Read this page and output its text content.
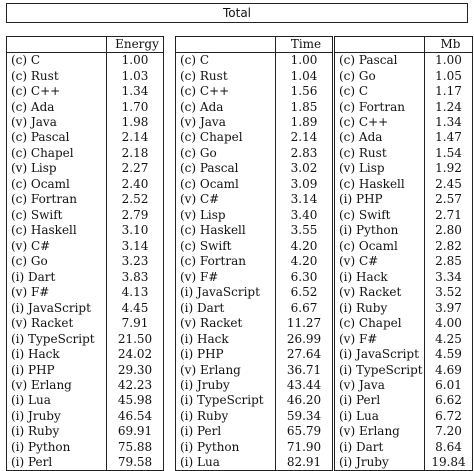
Total
	Energy
(c) C	1.00
(c) Rust	1.03
(c) C++	1.34
(c) Ada	1.70
(v) Java	1.98
(c) Pascal	2.14
(c) Chapel	2.18
(v) Lisp	2.27
(c) Ocaml	2.40
(c) Fortran	2.52
(c) Swift	2.79
(c) Haskell	3.10
(v) C#	3.14
(c) Go	3.23
(i) Dart	3.83
(v) F#	4.13
(i) JavaScript	4.45
(v) Racket	7.91
(i) TypeScript	21.50
(i) Hack	24.02
(i) PHP	29.30
(v) Erlang	42.23
(i) Lua	45.98
(i) Jruby	46.54
(i) Ruby	69.91
(i) Python	75.88
(i) Perl	79.58
	Time
(c) C	1.00
(c) Rust	1.04
(c) C++	1.56
(c) Ada	1.85
(v) Java	1.89
(c) Chapel	2.14
(c) Go	2.83
(c) Pascal	3.02
(c) Ocaml	3.09
(v) C#	3.14
(v) Lisp	3.40
(c) Haskell	3.55
(c) Swift	4.20
(c) Fortran	4.20
(v) F#	6.30
(i) JavaScript	6.52
(i) Dart	6.67
(v) Racket	11.27
(i) Hack	26.99
(i) PHP	27.64
(v) Erlang	36.71
(i) Jruby	43.44
(i) TypeScript	46.20
(i) Ruby	59.34
(i) Perl	65.79
(i) Python	71.90
(i) Lua	82.91
	Mb
(c) Pascal	1.00
(c) Go	1.05
(c) C	1.17
(c) Fortran	1.24
(c) C++	1.34
(c) Ada	1.47
(c) Rust	1.54
(v) Lisp	1.92
(c) Haskell	2.45
(i) PHP	2.57
(c) Swift	2.71
(i) Python	2.80
(c) Ocaml	2.82
(v) C#	2.85
(i) Hack	3.34
(v) Racket	3.52
(i) Ruby	3.97
(c) Chapel	4.00
(v) F#	4.25
(i) JavaScript	4.59
(i) TypeScript	4.69
(v) Java	6.01
(i) Perl	6.62
(i) Lua	6.72
(v) Erlang	7.20
(i) Dart	8.64
(i) Jruby	19.84
